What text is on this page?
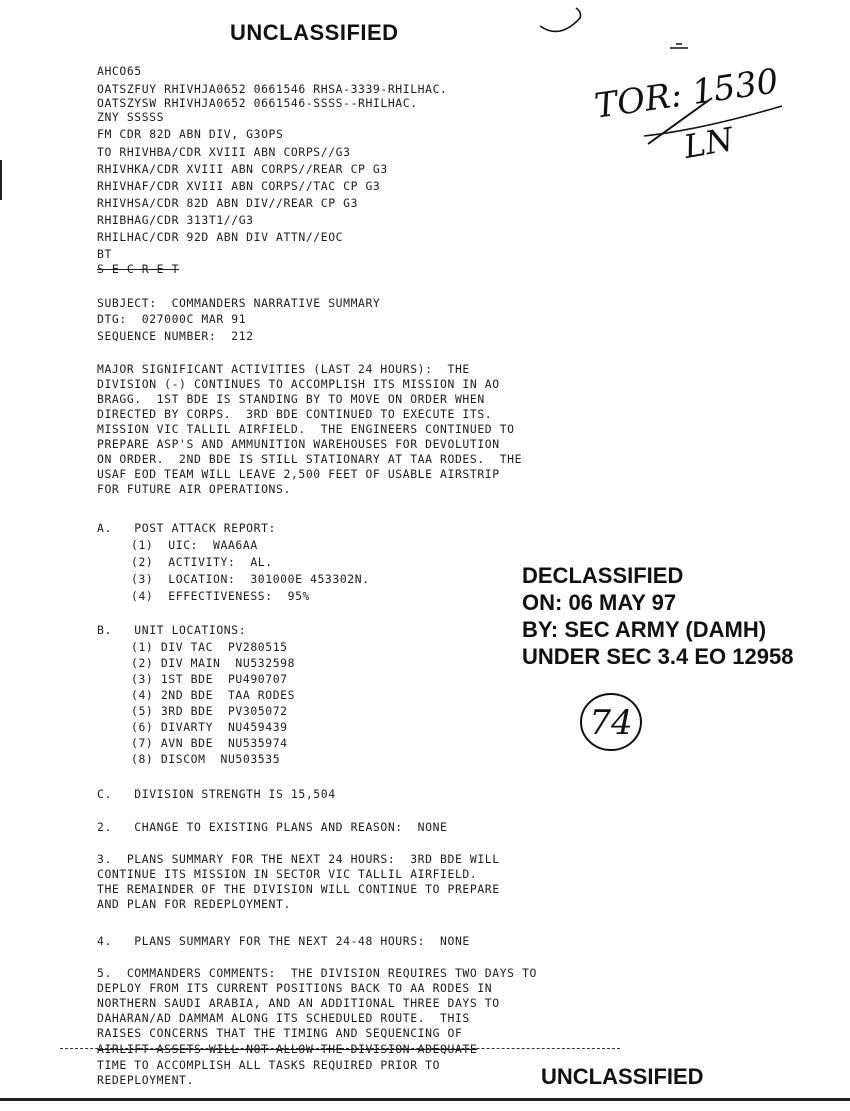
UNCLASSIFIED
AHCO65
OATSZFUY RHIVHJA0652 0661546 RHSA-3339-RHILHAC.
OATSZYSW RHIVHJA0652 0661546-SSSS--RHILHAC.
ZNY SSSSS
FM CDR 82D ABN DIV, G3OPS
TO RHIVHBA/CDR XVIII ABN CORPS//G3
RHIVHKA/CDR XVIII ABN CORPS//REAR CP G3
RHIVHAF/CDR XVIII ABN CORPS//TAC CP G3
RHIVHSA/CDR 82D ABN DIV//REAR CP G3
RHIBHAG/CDR 313T1//G3
RHILHAC/CDR 92D ABN DIV ATTN//EOC
BT
S E C R E T
SUBJECT:  COMMANDERS NARRATIVE SUMMARY
DTG:  027000C MAR 91
SEQUENCE NUMBER:  212
MAJOR SIGNIFICANT ACTIVITIES (LAST 24 HOURS):  THE
DIVISION (-) CONTINUES TO ACCOMPLISH ITS MISSION IN AO
BRAGG.  1ST BDE IS STANDING BY TO MOVE ON ORDER WHEN
DIRECTED BY CORPS.  3RD BDE CONTINUED TO EXECUTE ITS.
MISSION VIC TALLIL AIRFIELD.  THE ENGINEERS CONTINUED TO
PREPARE ASP'S AND AMMUNITION WAREHOUSES FOR DEVOLUTION
ON ORDER.  2ND BDE IS STILL STATIONARY AT TAA RODES.  THE
USAF EOD TEAM WILL LEAVE 2,500 FEET OF USABLE AIRSTRIP
FOR FUTURE AIR OPERATIONS.
A.   POST ATTACK REPORT:
(1)  UIC:  WAA6AA
(2)  ACTIVITY:  AL.
(3)  LOCATION:  301000E 453302N.
(4)  EFFECTIVENESS:  95%
B.   UNIT LOCATIONS:
(1) DIV TAC  PV280515
(2) DIV MAIN  NU532598
(3) 1ST BDE  PU490707
(4) 2ND BDE  TAA RODES
(5) 3RD BDE  PV305072
(6) DIVARTY  NU459439
(7) AVN BDE  NU535974
(8) DISCOM  NU503535
C.   DIVISION STRENGTH IS 15,504
2.   CHANGE TO EXISTING PLANS AND REASON:  NONE
3.  PLANS SUMMARY FOR THE NEXT 24 HOURS:  3RD BDE WILL
CONTINUE ITS MISSION IN SECTOR VIC TALLIL AIRFIELD.
THE REMAINDER OF THE DIVISION WILL CONTINUE TO PREPARE
AND PLAN FOR REDEPLOYMENT.
4.   PLANS SUMMARY FOR THE NEXT 24-48 HOURS:  NONE
5.  COMMANDERS COMMENTS:  THE DIVISION REQUIRES TWO DAYS TO
DEPLOY FROM ITS CURRENT POSITIONS BACK TO AA RODES IN
NORTHERN SAUDI ARABIA, AND AN ADDITIONAL THREE DAYS TO
DAHARAN/AD DAMMAM ALONG ITS SCHEDULED ROUTE.  THIS
RAISES CONCERNS THAT THE TIMING AND SEQUENCING OF
AIRLIFT ASSETS WILL NOT ALLOW THE DIVISION ADEQUATE
TIME TO ACCOMPLISH ALL TASKS REQUIRED PRIOR TO
REDEPLOYMENT.
DECLASSIFIED
ON: 06 MAY 97
BY: SEC ARMY (DAMH)
UNDER SEC 3.4 EO 12958
TOR: 1530
LN
74
UNCLASSIFIED
